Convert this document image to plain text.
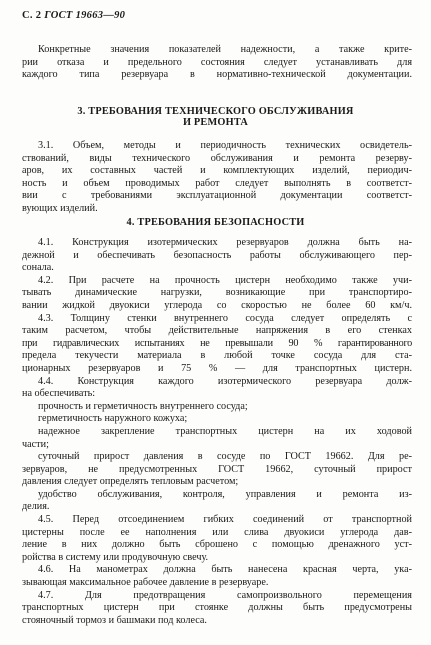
С. 2 ГОСТ 19663—90
Конкретные значения показателей надежности, а также крите-
рии отказа и предельного состояния следует устанавливать для
каждого типа резервуара в нормативно-технической документации.
3. ТРЕБОВАНИЯ ТЕХНИЧЕСКОГО ОБСЛУЖИВАНИЯ
И РЕМОНТА
3.1. Объем, методы и периодичность технических освидетель-
ствований, виды технического обслуживания и ремонта резерву-
аров, их составных частей и комплектующих изделий, периодич-
ность и объем проводимых работ следует выполнять в соответст-
вии с требованиями эксплуатационной документации соответст-
вующих изделий.
4. ТРЕБОВАНИЯ БЕЗОПАСНОСТИ
4.1. Конструкция изотермических резервуаров должна быть на-
дежной и обеспечивать безопасность работы обслуживающего пер-
сонала.
4.2. При расчете на прочность цистерн необходимо также учи-
тывать динамические нагрузки, возникающие при транспортиро-
вании жидкой двуокиси углерода со скоростью не более 60 км/ч.
4.3. Толщину стенки внутреннего сосуда следует определять с
таким расчетом, чтобы действительные напряжения в его стенках
при гидравлических испытаниях не превышали 90 % гарантированного
предела текучести материала в любой точке сосуда для ста-
ционарных резервуаров и 75 % — для транспортных цистерн.
4.4. Конструкция каждого изотермического резервуара долж-
на обеспечивать:
прочность и герметичность внутреннего сосуда;
герметичность наружного кожуха;
надежное закрепление транспортных цистерн на их ходовой
части;
суточный прирост давления в сосуде по ГОСТ 19662. Для ре-
зервуаров, не предусмотренных ГОСТ 19662, суточный прирост
давления следует определять тепловым расчетом;
удобство обслуживания, контроля, управления и ремонта из-
делия.
4.5. Перед отсоединением гибких соединений от транспортной
цистерны после ее наполнения или слива двуокиси углерода дав-
ление в них должно быть сброшено с помощью дренажного уст-
ройства в систему или продувочную свечу.
4.6. На манометрах должна быть нанесена красная черта, ука-
зывающая максимальное рабочее давление в резервуаре.
4.7. Для предотвращения самопроизвольного перемещения
транспортных цистерн при стоянке должны быть предусмотрены
стояночный тормоз и башмаки под колеса.
